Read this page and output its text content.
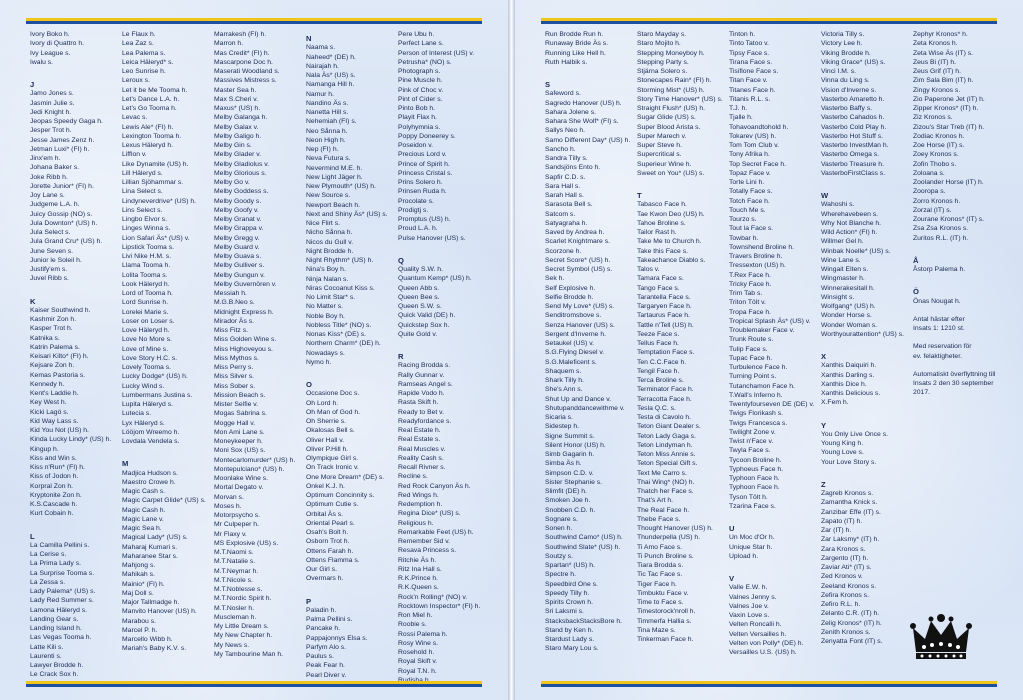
Ivory Boko h.
Ivory di Quattro h.
Ivy League s.
Iwalu s.
J
Jamo Jones s.
Jasmin Julie s.
Jedi Knight h.
Jeopas Speedy Gaga h.
Jesper Trot h.
Jesse James Zenz h.
Jetman Luxi* (FI) h.
Jinx'em h.
Johana Baker s.
Joke Ribb h.
Jorette Junior* (FI) h.
Joy Lane s.
Judgeme L.A. h.
Juicy Gossip (NO) s.
Jula Downton* (US) h.
Jula Select s.
Jula Grand Cru* (US) h.
June Seven s.
Junior le Soleil h.
Justify'em s.
Juvel Ribb s.
K
Kaiser Southwind h.
Kashmir Zon h.
Kasper Trot h.
Katnika s.
Katrin Palema s.
Keisari Kilto* (FI) h.
Kejsare Zon h.
Kemas Pastoria s.
Kennedy h.
Kent's Laddie h.
Key West h.
Kicki Lagö s.
Kid Way Lass s.
Kid You Not (US) h.
Kinda Lucky Lindy* (US) h.
Kingup h.
Kiss and Win s.
Kiss n'Run* (FI) h.
Kiss of Jodon h.
Korpral Zon h.
Kryptonite Zon h.
K.S.Cascade h.
Kurt Cobain h.
L
La Camilla Pellini s.
La Cerise s.
La Prima Lady s.
La Surprise Tooma s.
La Zessa s.
Lady Palema* (US) s.
Lady Red Summer s.
Lamona Häleryd s.
Landing Gear s.
Landing Island h.
Las Vegas Tooma h.
Latte Kili s.
Laurenti s.
Lawyer Brodde h.
Le Crack Sox h.
Le Flaux h.
Lea Zaz s.
Lea Palema s.
Leica Häleryd* s.
Leo Sunrise h.
Leroux s.
Let it be Me Tooma h.
Let's Dance L.A. h.
Let's Go Tooma h.
Levac s.
Lewis Ale* (FI) h.
Lexington Tooma h.
Lexus Häleryd h.
Lifflon v.
Like Dynamite (US) h.
Lill Häleryd s.
Lillian Sjöhammar s.
Lina Select s.
Lindyneverdrive* (US) h.
Lins Select s.
Lingbo Elvor s.
Linges Winna s.
Lion Safari Äs* (US) v.
Lipstick Tooma s.
Livi Nike H.M. s.
Llama Tooma h.
Lolita Tooma s.
Look Häleryd h.
Lord of Tooma h.
Lord Sunrise h.
Lorelei Marie s.
Loser on Loser s.
Love Häleryd h.
Love No More s.
Love of Mine s.
Love Story H.C. s.
Lovely Tooma s.
Lucky Dodge* (US) h.
Lucky Wind s.
Lumbermans Justina s.
Lupita Häleryd s.
Lutecia s.
Lyx Häleryd s.
Lööjom Wreemo h.
Lovdala Vendela s.
M
Madjica Hudson s.
Maestro Crowe h.
Magic Cash s.
Magic Carpet Glide* (US) s.
Magic Cash h.
Magic Lane v.
Magic Sea h.
Magical Lady* (US) s.
Maharaj Kumari s.
Maharanee Star s.
Mahjong s.
Mahikah s.
Mainio* (FI) h.
Maj Doll s.
Major Tallmadge h.
Manvito Hanover (US) h.
Marabou s.
Marcel P. h.
Marcello Wibb h.
Mariah's Baby K.V. s.
Marrakesh (FI) h.
Marron h.
Mas Credit* (FI) h.
Mascarpone Doc h.
Maserati Woodland s.
Massives Mistress s.
Master Sea h.
Max S.Cheri v.
Maxus* (US) h.
Melby Galanga h.
Melby Galax v.
Melby Galigo h.
Melby Gin s.
Melby Glader v.
Melby Gladiolus v.
Melby Glorious s.
Melby Go v.
Melby Goddess s.
Melby Goody s.
Melby Goofy v.
Melby Granat v.
Melby Grappa v.
Melby Gregg v.
Melby Guard v.
Melby Guava s.
Melby Gulliver s.
Melby Gungun v.
Melby Guvernören v.
Messiah h.
M.G.B.Neo s.
Midnight Express h.
Mirador Äs s.
Miss Fitz s.
Miss Golden Wine s.
Miss Highoveyou s.
Miss Mythos s.
Miss Perry s.
Miss Silver s.
Miss Sober s.
Mission Beach s.
Mister Selfie v.
Mogas Sabrina s.
Mogge Hall v.
Mon Ami Lane s.
Moneykeeper h.
Moni Sox (US) s.
Montecarlomurder* (US) h.
Montepulciano* (US) h.
Moonlake Wine s.
Mortal Degato v.
Morvan s.
Moses h.
Motorpsycho s.
Mr Culpeper h.
Mr Flaxy v.
MS Explosive (US) s.
M.T.Naomi s.
M.T.Natalie s.
M.T.Neymar h.
M.T.Nicole s.
M.T.Noblesse s.
M.T.Nordic Spirit h.
M.T.Nosler h.
Muscleman h.
My Little Dream s.
My New Chapter h.
My News s.
My Tambourine Man h.
N
Naama s.
Naheed* (DE) h.
Nairajah h.
Nala Äs* (US) s.
Namanga Hill h.
Namur h.
Nandino Äs s.
Nanetta Hill s.
Nehemiah (FI) s.
Neo Sånna h.
Neon High h.
Nep (FI) h.
Neva Futura s.
Nevermind M.E. h.
New Light Jäger h.
New Plymouth* (US) h.
New Source s.
Newport Beach h.
Next and Shiny Äs* (US) s.
Nice Flirt s.
Nicho Sånna h.
Nicos du Gull v.
Night Brodde h.
Night Rhythm* (US) h.
Nina's Boy h.
Ninja Nalan s.
Niras Cocoanut Kiss s.
No Limit Star* s.
No Matter s.
Noble Boy h.
Nobless Title* (NO) s.
Nonas Kiss* (DE) s.
Northern Charm* (DE) h.
Nowadays s.
Nymo h.
O
Occasione Doc s.
Oh Lord h.
Oh Man of God h.
Oh Sherrie s.
Okalosas Bell s.
Oliver Hall v.
Oliver P.Hill h.
Olympique Girl s.
On Track Ironic v.
One More Dream* (DE) s.
Onkel K.J. h.
Optimum Concinnity s.
Optimum Cutie s.
Orbital Äs s.
Oriental Pearl s.
Osah's Bolt h.
Osborn Trot h.
Ottens Farah h.
Ottens Flamma s.
Our Girl s.
Overmars h.
P
Paladin h.
Palma Pellini s.
Pancake h.
Pappajonnys Elsa s.
Parfym Alo s.
Paulus s.
Peak Fear h.
Pearl Diver v.
Pere Ubu h.
Perfect Lane s.
Person of Interest (US) v.
Petrusha* (NO) s.
Photograph s.
Pine Muscle h.
Pink of Choc v.
Pint of Cider s.
Pinto Bob h.
Playit Flax h.
Polyhymnia s.
Poppy Doneerey s.
Poseidon v.
Precious Lord v.
Prince of Spirit h.
Princess Cristal s.
Prins Solero h.
Prinsen Ruda h.
Procolate s.
Prodigtj s.
Promptus (US) h.
Proud L.A. h.
Pulse Hanover (US) s.
Q
Quality S.W. h.
Quantum Kemp* (US) h.
Queen Abb s.
Queen Bee s.
Queen S.W. s.
Quick Valid (DE) h.
Quickstep Sox h.
Quite Gold v.
R
Racing Brodda s.
Rally Gunnar v.
Ramseas Angel s.
Rapide Vodo h.
Rasta Skift h.
Ready to Bet v.
Readyfordance s.
Real Estate h.
Real Estate s.
Real Muscles v.
Reality Cash s.
Recall Rivner s.
Recline s.
Red Rock Canyon Äs h.
Red Wings h.
Redemption h.
Regina Dice* (US) s.
Religious h.
Remarkable Feet (US) h.
Remember Sid v.
Resava Princess s.
Ritchie Äs h.
Ritz Ina Hall s.
R.K.Prince h.
R.K.Queen s.
Rock'n Rolling* (NO) v.
Rocktown Inspector* (FI) h.
Ron Miel h.
Roobie s.
Rossi Palema h.
Rosy Wine s.
Rosehold h.
Royal Skift v.
Royal T.N. h.
Run Brodde Run h.
Runaway Bride Äs s.
Running Like Hell h.
Ruth Halbik s.
S
Safeword s.
Sagredo Hanover (US) h.
Sahara Jolene s.
Sahara She Wolf* (FI) s.
Sallys Neo h.
Samo Different Day* (US) h.
Sancho h.
Sandra Tilly s.
Sandsjöns Ento h.
Sapfir C.D. s.
Sara Hall s.
Sarah Hall s.
Sarasota Bell s.
Satcom s.
Satyagraha h.
Saved by Andrea h.
Scarlet Knightmare s.
Scorzone h.
Secret Score* (US) h.
Secret Symbol (US) s.
Sek h.
Self Explosive h.
Selfie Brodde h.
Send My Love* (US) s.
Senditromsbove s.
Senza Hanover (US) s.
Sergent d'Inverne h.
Setaukel (US) v.
S.G.Flying Diesel v.
S.G.Maleficent s.
Shaquem s.
Shark Tilly h.
She's Ann s.
Shut Up and Dance v.
Shutupanddancewithme v.
Sicaria s.
Sidestep h.
Signe Summit s.
Silent Honor (US) h.
Simb Gagarin h.
Simba Äs h.
Simpson C.D. v.
Sister Stephanie s.
Slimfit (DE) h.
Smoken Joe h.
Snobben C.D. h.
Sognare s.
Sonen h.
Southwind Camo* (US) h.
Southwind Slate* (US) h.
Soutzy s.
Spartan* (US) h.
Spectre h.
Speedbird One s.
Speedy Tilly h.
Spirits Crown h.
Sri Laksmi s.
StacksbackStacksBore h.
Stand by Ken h.
Stardust Lady s.
Staro Mary Lou s.
Staro Mayday s.
Staro Mojito h.
Stepping Moneyboy h.
Stepping Party s.
Stjärna Solero s.
Stonecapes Rain* (FI) h.
Storming Mist* (US) h.
Story Time Hanover* (US) s.
Straight Flush* (US) h.
Sugar Glide (US) s.
Super Blood Arista s.
Super Marech v.
Super Steve h.
Supercritical s.
Superieur Wine h.
Sweet on You* (US) s.
T
Tabasco Face h.
Tae Kwon Deo (US) h.
Tahoe Broline s.
Tailor Rast h.
Take Me to Church h.
Take this Face s.
Takeachance Diablo s.
Talos v.
Tamara Face s.
Tango Face s.
Tarantella Face s.
Targaryen Face h.
Tartaurus Face h.
Tattle n'Tell (US) h.
Teeze Face s.
Tellus Face h.
Temptation Face s.
Ten C.C.Face h.
Tengil Face h.
Terca Broline s.
Terminator Face h.
Terracotta Face h.
Tesla Q.C. s.
Testa di Cavolo h.
Teton Giant Dealer s.
Teton Lady Gaga s.
Teton Lindyman h.
Teton Miss Annie s.
Teton Special Gift s.
Text Me Carro s.
Thai Wing* (NO) h.
Thatch her Face s.
That's Art h.
The Real Face h.
Thebe Face s.
Thought Hanover (US) h.
Thunderpella (US) h.
Ti Amo Face s.
Ti Punch Broline s.
Tiara Brodda s.
Tic Tac Face s.
Tiger Face h.
Timbuktu Face v.
Time to Face s.
Timestorock'nroll h.
Timmerfa Hallia s.
Tina Maze s.
Tinkerman Face h.
Tinton h.
Tinto Tatoo v.
Tipsy Face s.
Tirana Face s.
Tisiflone Face s.
Titan Face v.
Titanes Face h.
Titanis R.L. s.
T.J. h.
Tjalle h.
Tohavoandtohold h.
Tokarev (US) h.
Tom Tom Club v.
Tony Afrika h.
Top Secret Face h.
Topaz Face v.
Torte Lini h.
Totally Face s.
Totch Face h.
Touch Me s.
Tourzo s.
Tout la Face s.
Towbar h.
Townshend Broline h.
Travers Broline h.
Tressexton (US) h.
T.Rex Face h.
Tricky Face h.
Trim Tab s.
Triton Tölt v.
Tropa Face h.
Tropical Splash Äs* (US) v.
Troublemaker Face v.
Trunk Route s.
Tulip Face s.
Tupac Face h.
Turbulence Face h.
Turning Point s.
Tutanchamon Face h.
T.Wall's Inferno h.
Twentyfourseven DE (DE) v.
Twigs Florikash s.
Twigs Francesca s.
Twilight Zone v.
Twist n'Face v.
Twyla Face s.
Tycoon Broline h.
Typhoeus Face h.
Typhoon Face h.
Typhoon Face h.
Tyson Tölt h.
Tzarina Face s.
U
Un Moc d'Or h.
Unique Star h.
Upload h.
V
Valle E.W. h.
Valnes Jenny s.
Valnes Joe v.
Vaxin Love s.
Velten Roncalli h.
Velten Versailles h.
Velten von Polly* (DE) h.
Versailles U.S. (US) h.
Victoria Tilly s.
Victory Lee h.
Viking Brodde h.
Viking Grace* (US) s.
Vinci I.M. s.
Vinna du Ling s.
Vision d'Inverne s.
Vasterbo Amaretto h.
Vasterbo Baffy s.
Vasterbo Cahados h.
Vasterbo Cold Play h.
Vasterbo Hot Stuff s.
Vasterbo InvestMan h.
Vasterbo Omega s.
Vasterbo Treasure h.
VasterboFirstClass s.
W
Wahoshi s.
Wherehavebeen s.
Why Not Blanche h.
Wild Action* (FI) h.
Willmer Gel h.
Winbak Noelle* (US) s.
Wine Lane s.
Wingait Elten s.
Wingmaster h.
Winnerakesitall h.
Winsight s.
Wolfgang* (US) h.
Wonder Horse s.
Wonder Woman s.
Worthyourattention* (US) s.
X
Xanthis Daiquiri h.
Xanthis Darling s.
Xanthis Dice h.
Xanthis Delicious s.
X.Fem h.
Y
You Only Live Once s.
Young King h.
Young Love s.
Your Love Story s.
Z
Zagreb Kronos s.
Zamantha Knick s.
Zanzibar Effe (IT) s.
Zapato (IT) h.
Zar (IT) h.
Zar Laksmy* (IT) h.
Zara Kronos s.
Zargento (IT) h.
Zaviar Ati* (IT) s.
Zed Kronos v.
Zeeland Kronos s.
Zefira Kronos s.
Zefiro R.L. h.
Zelanto C.R. (IT) h.
Zelig Kronos* (IT) h.
Zenith Kronos s.
Zenyatta Font (IT) s.
Zephyr Kronos* h.
Zeta Kronos h.
Zeta Wise Äs (IT) s.
Zeus Bi (IT) h.
Zeus Grif (IT) h.
Zim Sala Bim (IT) h.
Zingy Kronos s.
Zio Paperone Jet (IT) h.
Zipper Kronos* (IT) h.
Ziz Kronos s.
Zizou's Star Treb (IT) h.
Zodiac Kronos h.
Zoe Horse (IT) s.
Zoey Kronos s.
Zofin Thobo s.
Zoloana s.
Zoolander Horse (IT) h.
Zooropa s.
Zorro Kronos h.
Zorzal (IT) s.
Zourane Kronos* (IT) s.
Zsa Zsa Kronos s.
Zuritos R.L. (IT) h.
Å
Åstorp Palema h.
Ö
Önas Nougat h.
Antal hästar efter
Insats 1: 1210 st.
Med reservation för
ev. felaktigheter.
Automatiskt överflyttning till
Insats 2 den 30 september
2017.
